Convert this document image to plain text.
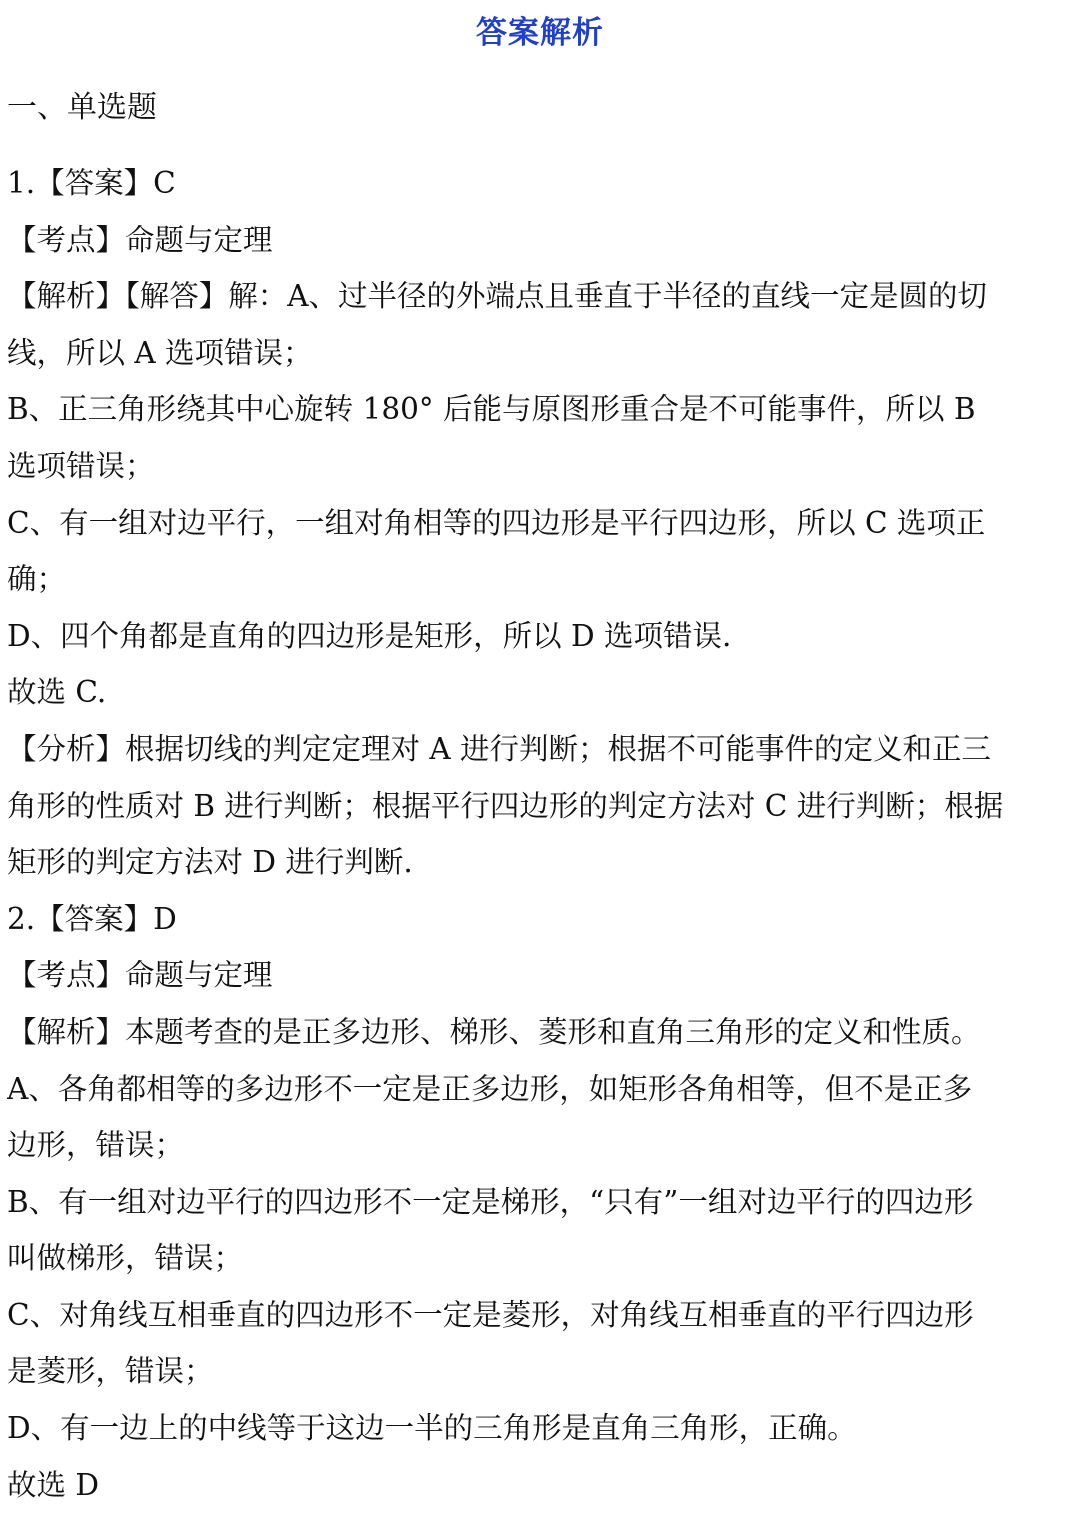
答案解析
一、单选题
1.【答案】C
【考点】命题与定理
【解析】【解答】解：A、过半径的外端点且垂直于半径的直线一定是圆的切
线，所以 A 选项错误；
B、正三角形绕其中心旋转 180° 后能与原图形重合是不可能事件，所以 B
选项错误；
C、有一组对边平行，一组对角相等的四边形是平行四边形，所以 C 选项正
确；
D、四个角都是直角的四边形是矩形，所以 D 选项错误.
故选 C.
【分析】根据切线的判定定理对 A 进行判断；根据不可能事件的定义和正三
角形的性质对 B 进行判断；根据平行四边形的判定方法对 C 进行判断；根据
矩形的判定方法对 D 进行判断.
2.【答案】D
【考点】命题与定理
【解析】本题考查的是正多边形、梯形、菱形和直角三角形的定义和性质。
A、各角都相等的多边形不一定是正多边形，如矩形各角相等，但不是正多
边形，错误；
B、有一组对边平行的四边形不一定是梯形，“只有”一组对边平行的四边形
叫做梯形，错误；
C、对角线互相垂直的四边形不一定是菱形，对角线互相垂直的平行四边形
是菱形，错误；
D、有一边上的中线等于这边一半的三角形是直角三角形，正确。
故选 D
